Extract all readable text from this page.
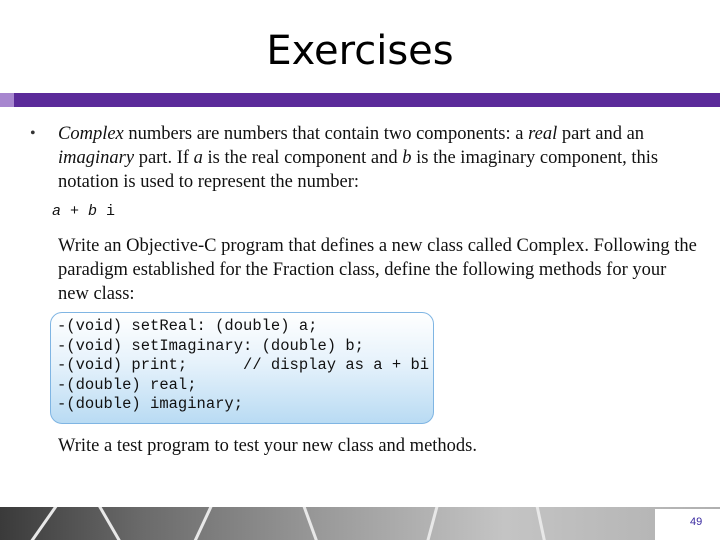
Exercises
• Complex numbers are numbers that contain two components: a real part and an imaginary part. If a is the real component and b is the imaginary component, this notation is used to represent the number:
a + b i
Write an Objective-C program that defines a new class called Complex. Following the paradigm established for the Fraction class, define the following methods for your new class:
-(void) setReal: (double) a;
-(void) setImaginary: (double) b;
-(void) print;      // display as a + bi
-(double) real;
-(double) imaginary;
Write a test program to test your new class and methods.
49
